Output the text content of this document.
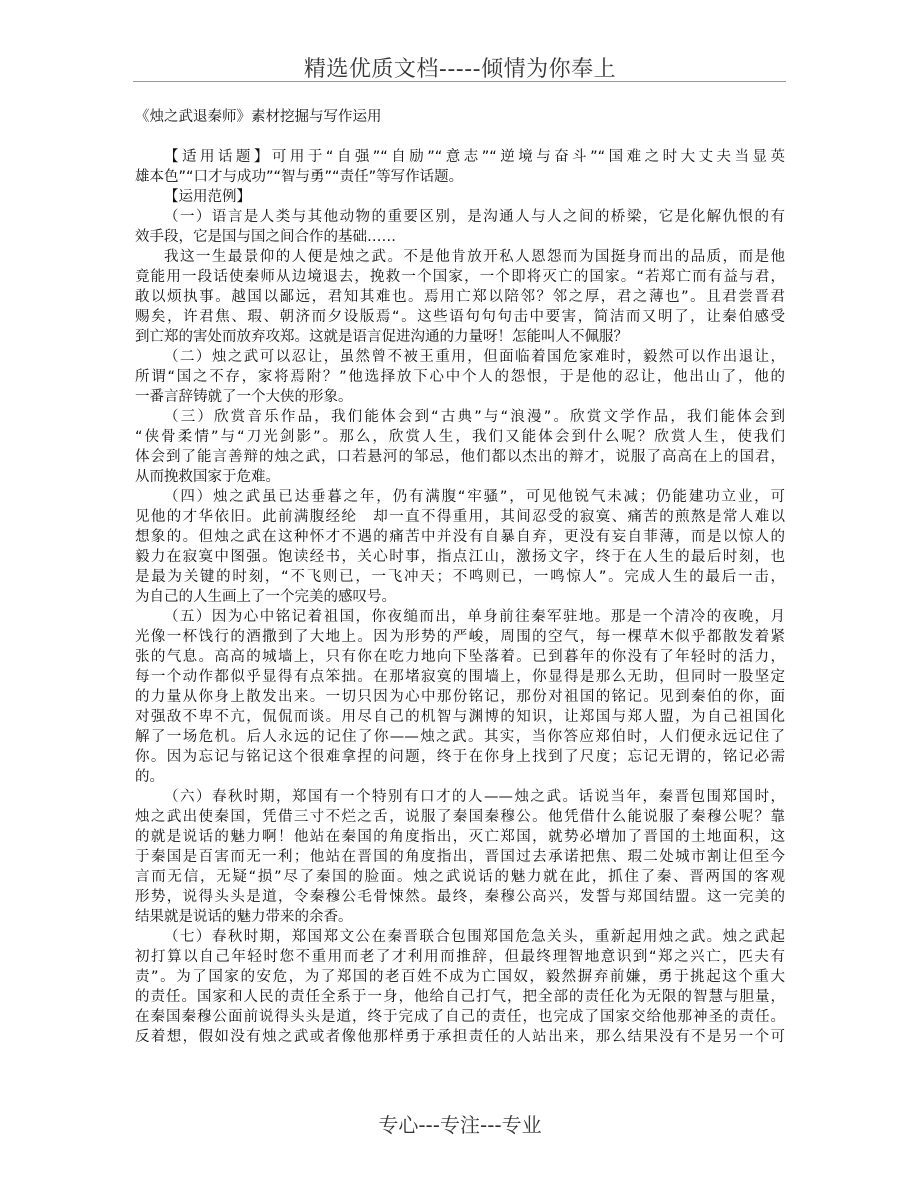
精选优质文档-----倾情为你奉上
《烛之武退秦师》素材挖掘与写作运用
【适用话题】可用于“自强”“自励”“意志”“逆境与奋斗”“国难之时大丈夫当显英
雄本色”“口才与成功”“智与勇”“责任”等写作话题。
【运用范例】
（一）语言是人类与其他动物的重要区别，是沟通人与人之间的桥梁，它是化解仇恨的有
效手段，它是国与国之间合作的基础……
我这一生最景仰的人便是烛之武。不是他肯放开私人恩怨而为国挺身而出的品质，而是他
竟能用一段话使秦师从边境退去，挽救一个国家，一个即将灭亡的国家。“若郑亡而有益与君，
敢以烦执事。越国以鄙远，君知其难也。焉用亡郑以陪邻？邻之厚，君之薄也”。且君尝晋君
赐矣，许君焦、瑕、朝济而夕设版焉“。这些语句句句击中要害，简洁而又明了，让秦伯感受
到亡郑的害处而放弃攻郑。这就是语言促进沟通的力量呀！怎能叫人不佩服？
（二）烛之武可以忍让，虽然曾不被王重用，但面临着国危家难时，毅然可以作出退让，
所谓“国之不存，家将焉附？”他选择放下心中个人的怨恨，于是他的忍让，他出山了，他的
一番言辞铸就了一个大侠的形象。
（三）欣赏音乐作品，我们能体会到“古典”与“浪漫”。欣赏文学作品，我们能体会到
“侠骨柔情”与“刀光剑影”。那么，欣赏人生，我们又能体会到什么呢？欣赏人生，使我们
体会到了能言善辩的烛之武，口若悬河的邹忌，他们都以杰出的辩才，说服了高高在上的国君，
从而挽救国家于危难。
（四）烛之武虽已达垂暮之年，仍有满腹“牢骚”，可见他锐气未减；仍能建功立业，可
见他的才华依旧。此前满腹经纶　却一直不得重用，其间忍受的寂寞、痛苦的煎熬是常人难以
想象的。但烛之武在这种怀才不遇的痛苦中并没有自暴自弃，更没有妄自菲薄，而是以惊人的
毅力在寂寞中图强。饱读经书，关心时事，指点江山，激扬文字，终于在人生的最后时刻，也
是最为关键的时刻，“不飞则已，一飞冲天；不鸣则已，一鸣惊人”。完成人生的最后一击，
为自己的人生画上了一个完美的感叹号。
（五）因为心中铭记着祖国，你夜缒而出，单身前往秦军驻地。那是一个清冷的夜晚，月
光像一杯饯行的酒撒到了大地上。因为形势的严峻，周围的空气，每一棵草木似乎都散发着紧
张的气息。高高的城墙上，只有你在吃力地向下坠落着。已到暮年的你没有了年轻时的活力，
每一个动作都似乎显得有点笨拙。在那堵寂寞的围墙上，你显得是那么无助，但同时一股坚定
的力量从你身上散发出来。一切只因为心中那份铭记，那份对祖国的铭记。见到秦伯的你，面
对强敌不卑不亢，侃侃而谈。用尽自己的机智与渊博的知识，让郑国与郑人盟，为自己祖国化
解了一场危机。后人永远的记住了你——烛之武。其实，当你答应郑伯时，人们便永远记住了
你。因为忘记与铭记这个很难拿捏的问题，终于在你身上找到了尺度；忘记无谓的，铭记必需
的。
（六）春秋时期，郑国有一个特别有口才的人——烛之武。话说当年，秦晋包围郑国时，
烛之武出使秦国，凭借三寸不烂之舌，说服了秦国秦穆公。他凭借什么能说服了秦穆公呢？靠
的就是说话的魅力啊！他站在秦国的角度指出，灭亡郑国，就势必增加了晋国的土地面积，这
于秦国是百害而无一利；他站在晋国的角度指出，晋国过去承诺把焦、瑕二处城市割让但至今
言而无信，无疑“损”尽了秦国的脸面。烛之武说话的魅力就在此，抓住了秦、晋两国的客观
形势，说得头头是道，令秦穆公毛骨悚然。最终，秦穆公高兴，发誓与郑国结盟。这一完美的
结果就是说话的魅力带来的余香。
（七）春秋时期，郑国郑文公在秦晋联合包围郑国危急关头，重新起用烛之武。烛之武起
初打算以自己年轻时您不重用而老了才利用而推辞，但最终理智地意识到“郑之兴亡，匹夫有
责”。为了国家的安危，为了郑国的老百姓不成为亡国奴，毅然摒弃前嫌，勇于挑起这个重大
的责任。国家和人民的责任全系于一身，他给自己打气，把全部的责任化为无限的智慧与胆量，
在秦国秦穆公面前说得头头是道，终于完成了自己的责任，也完成了国家交给他那神圣的责任。
反着想，假如没有烛之武或者像他那样勇于承担责任的人站出来，那么结果没有不是另一个可
专心---专注---专业
